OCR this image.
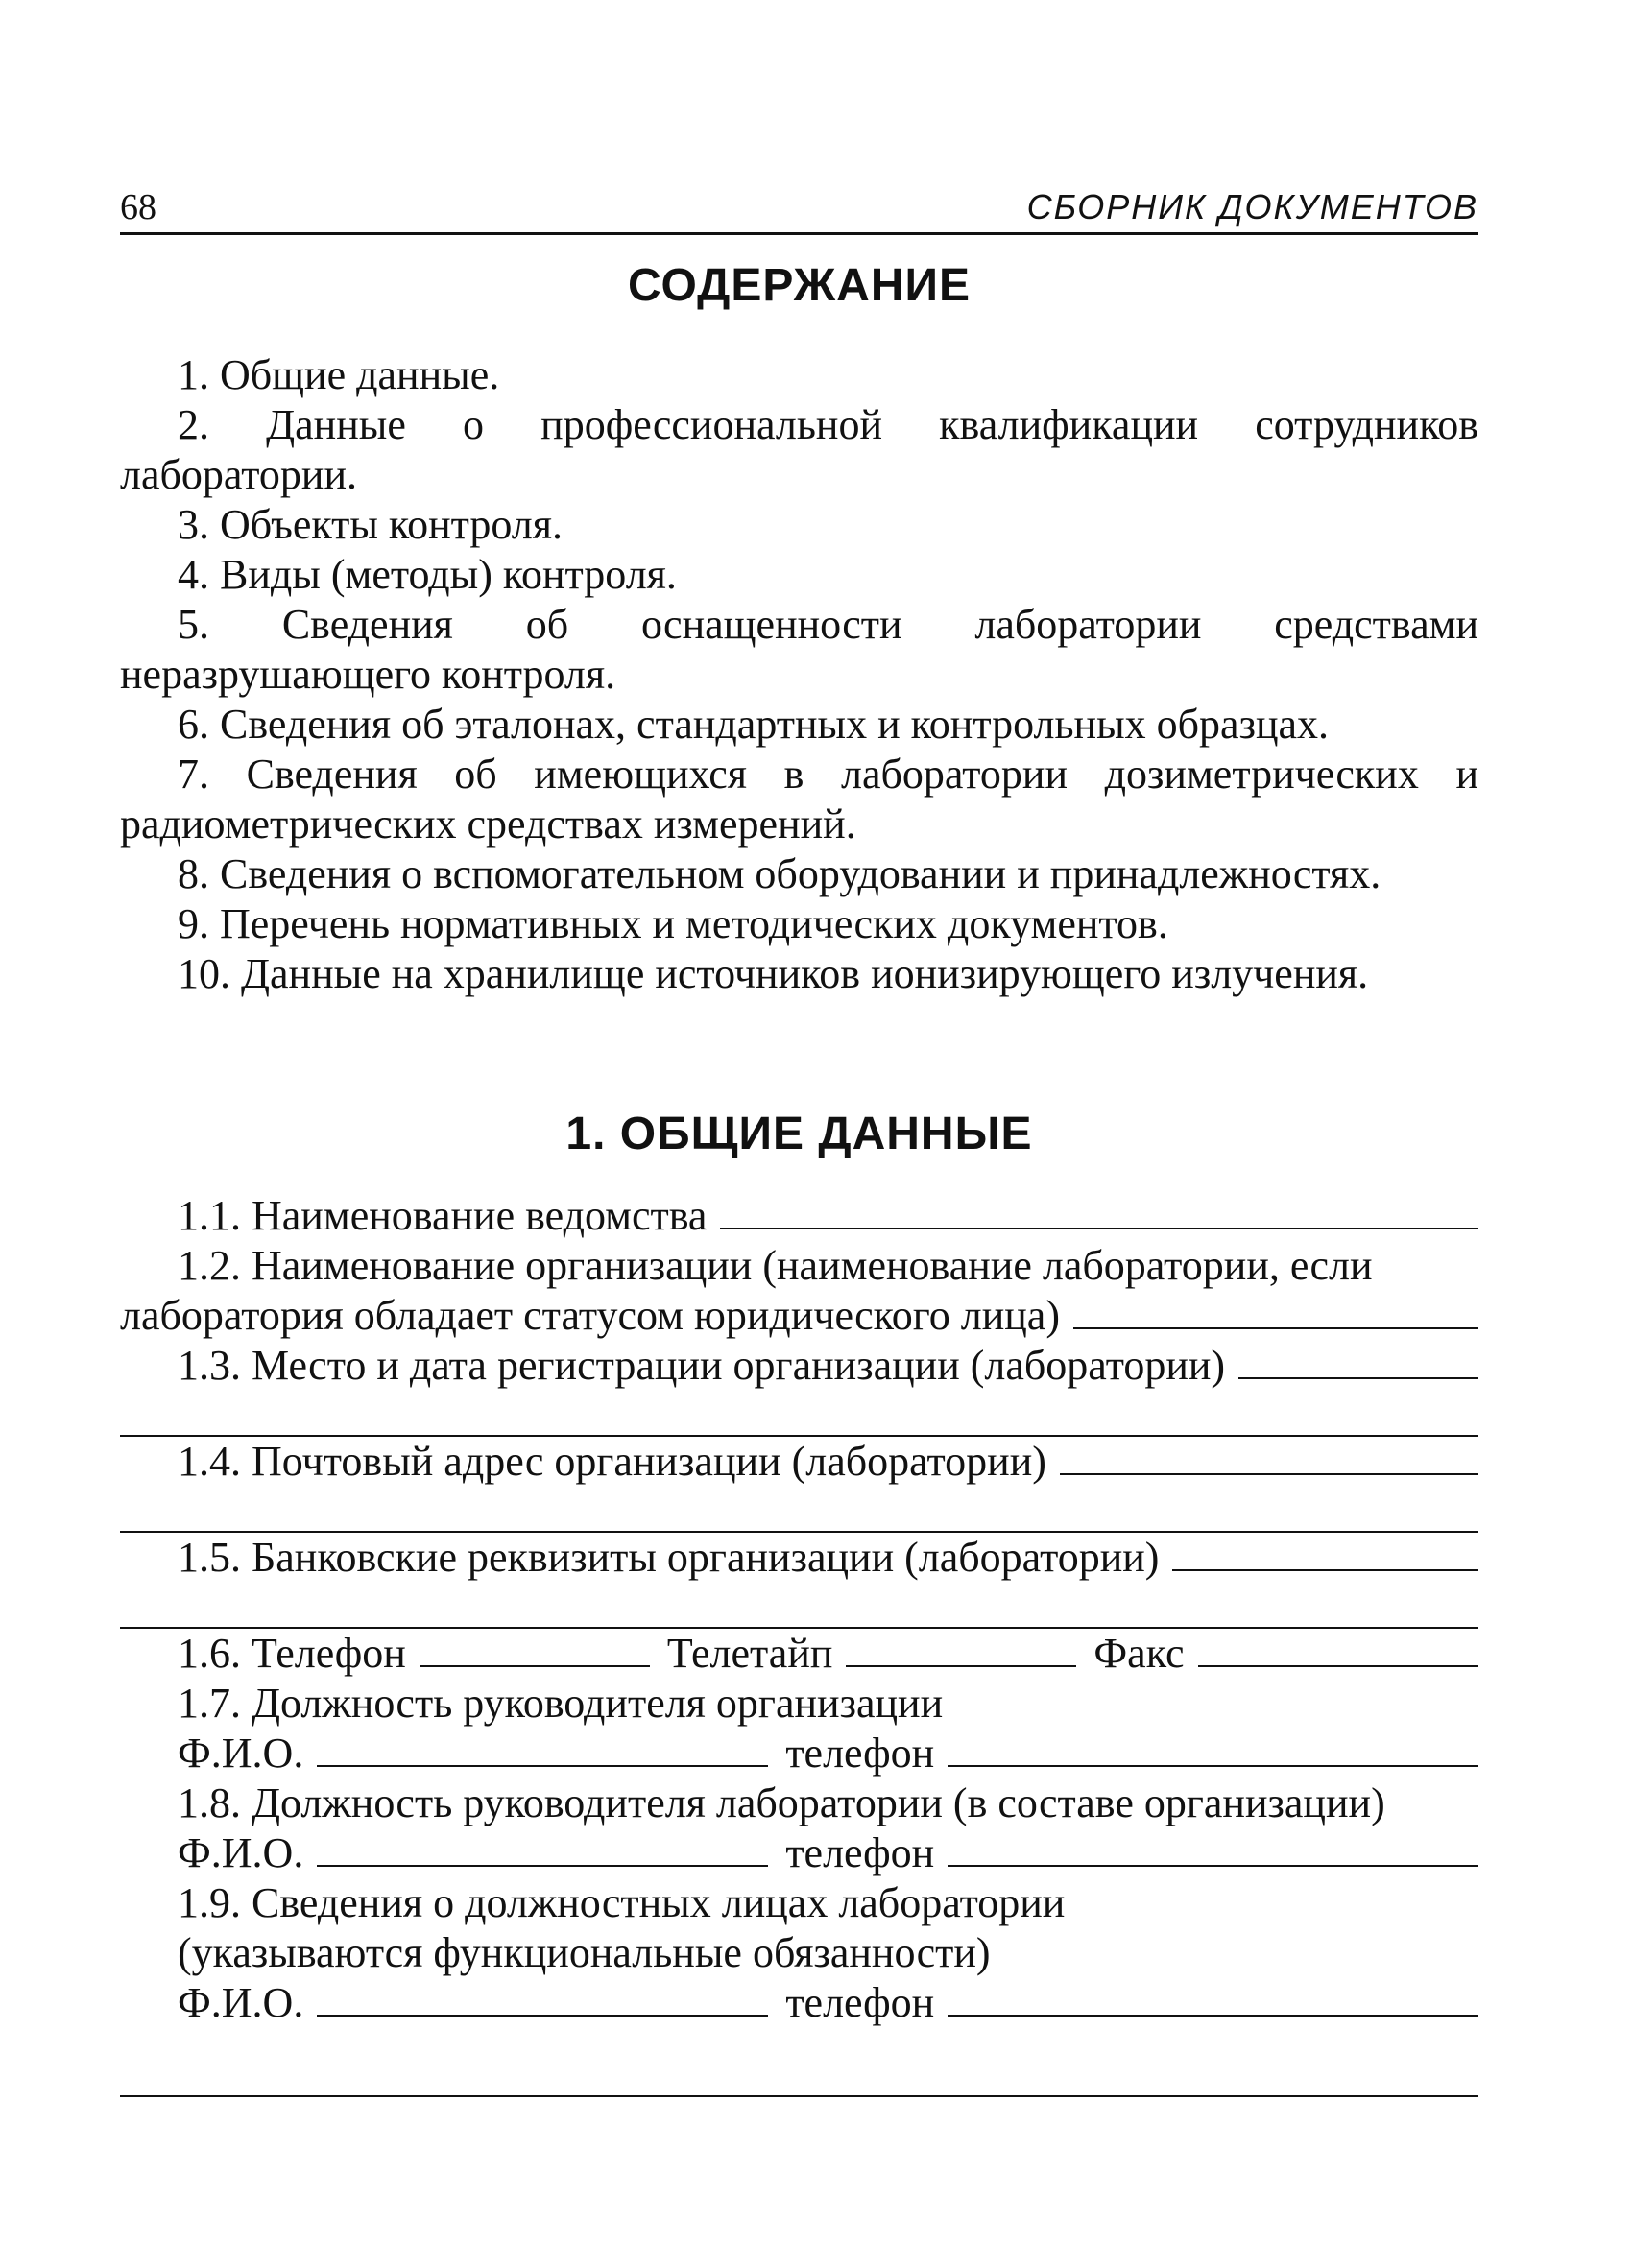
68	СБОРНИК ДОКУМЕНТОВ
СОДЕРЖАНИЕ

1. Общие данные.

2. Данные о профессиональной квалификации сотрудников лаборатории.

3. Объекты контроля.

4. Виды (методы) контроля.

5. Сведения об оснащенности лаборатории средствами неразрушающего контроля.

6. Сведения об эталонах, стандартных и контрольных образцах.

7. Сведения об имеющихся в лаборатории дозиметрических и радиометрических средствах измерений.

8. Сведения о вспомогательном оборудовании и принадлежностях.

9. Перечень нормативных и методических документов.

10. Данные на хранилище источников ионизирующего излучения.

1. ОБЩИЕ ДАННЫЕ
1.1. Наименование ведомства
1.2. Наименование организации (наименование лаборатории, если
лаборатория обладает статусом юридического лица)
1.3. Место и дата регистрации организации (лаборатории)
1.4. Почтовый адрес организации (лаборатории)
1.5. Банковские реквизиты организации (лаборатории)
1.6. Телефон	Телетайп	Факс
1.7. Должность руководителя организации
Ф.И.О.	телефон
1.8. Должность руководителя лаборатории (в составе организации)
Ф.И.О.	телефон
1.9. Сведения о должностных лицах лаборатории
(указываются функциональные обязанности)
Ф.И.О.	телефон
